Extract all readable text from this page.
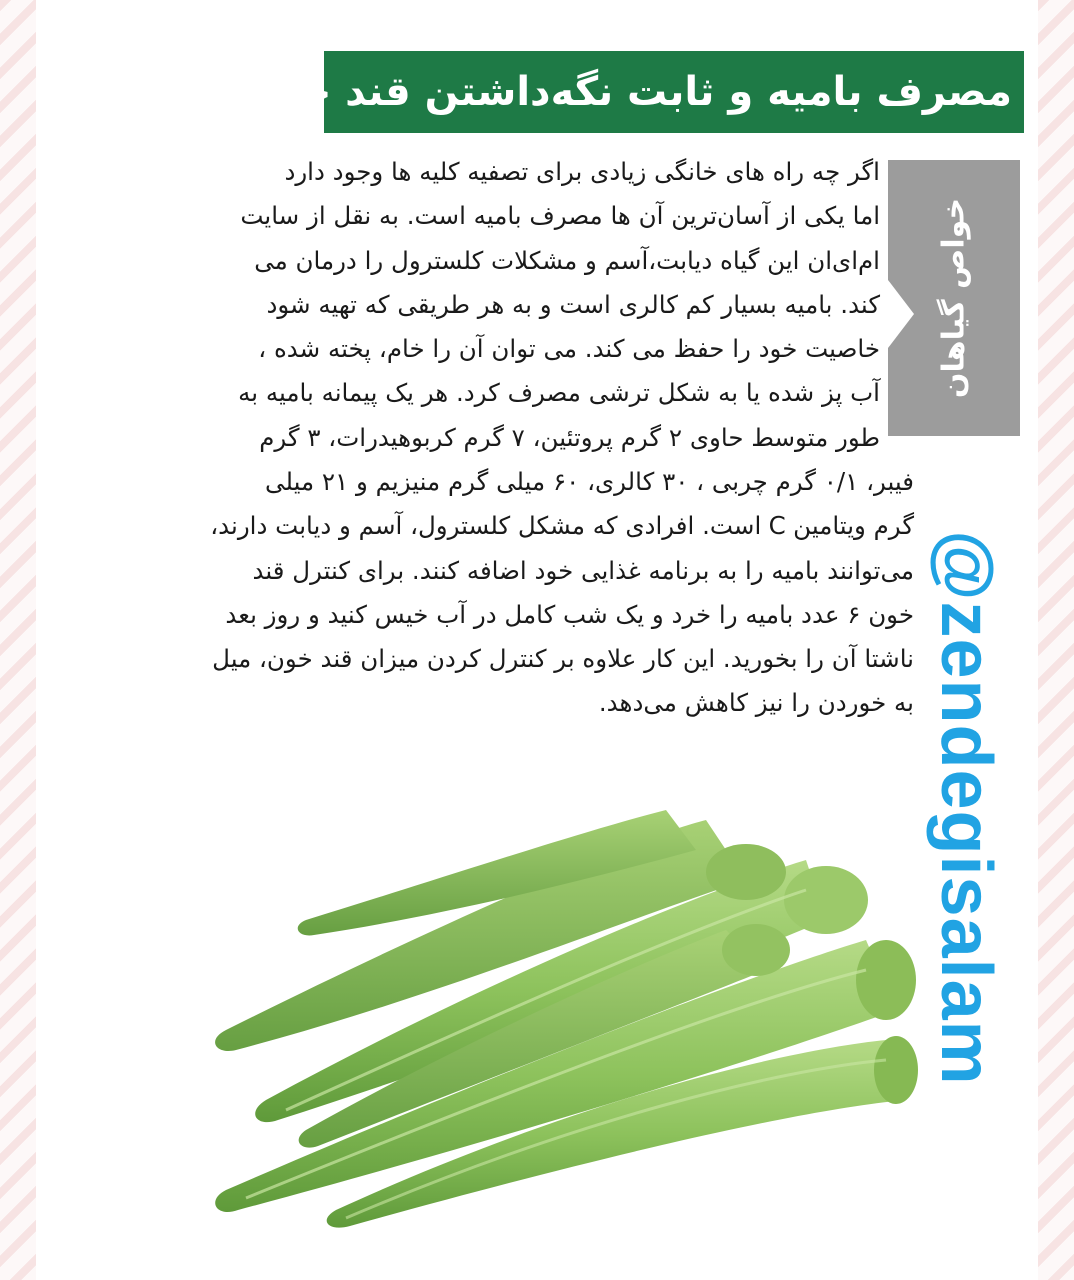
مصرف بامیه و ثابت نگه‌داشتن قند خون
خواص گیاهان
اگر چه راه های خانگی زیادی برای تصفیه کلیه ها وجود دارد
اما یکی از آسان‌ترین آن ها مصرف بامیه است. به نقل از سایت
ام‌ای‌ان این گیاه دیابت،آسم و مشکلات کلسترول را درمان می
کند. بامیه بسیار کم کالری است و به هر طریقی که تهیه شود
خاصیت خود را حفظ می کند. می توان آن را خام، پخته شده ،
آب پز شده یا به شکل ترشی مصرف کرد. هر یک پیمانه بامیه به
طور متوسط حاوی ۲ گرم پروتئین، ۷ گرم کربوهیدرات، ۳ گرم
فیبر، ۰/۱ گرم چربی ، ۳۰ کالری، ۶۰ میلی گرم منیزیم و ۲۱ میلی
گرم ویتامین C است. افرادی که مشکل کلسترول، آسم و دیابت دارند،
می‌توانند بامیه را به برنامه غذایی خود اضافه کنند. برای کنترل قند
خون ۶ عدد بامیه را خرد و یک شب کامل در آب خیس کنید و روز بعد
ناشتا آن را بخورید. این کار علاوه بر کنترل کردن میزان قند خون، میل
به خوردن را نیز کاهش می‌دهد. @zendegisalam
